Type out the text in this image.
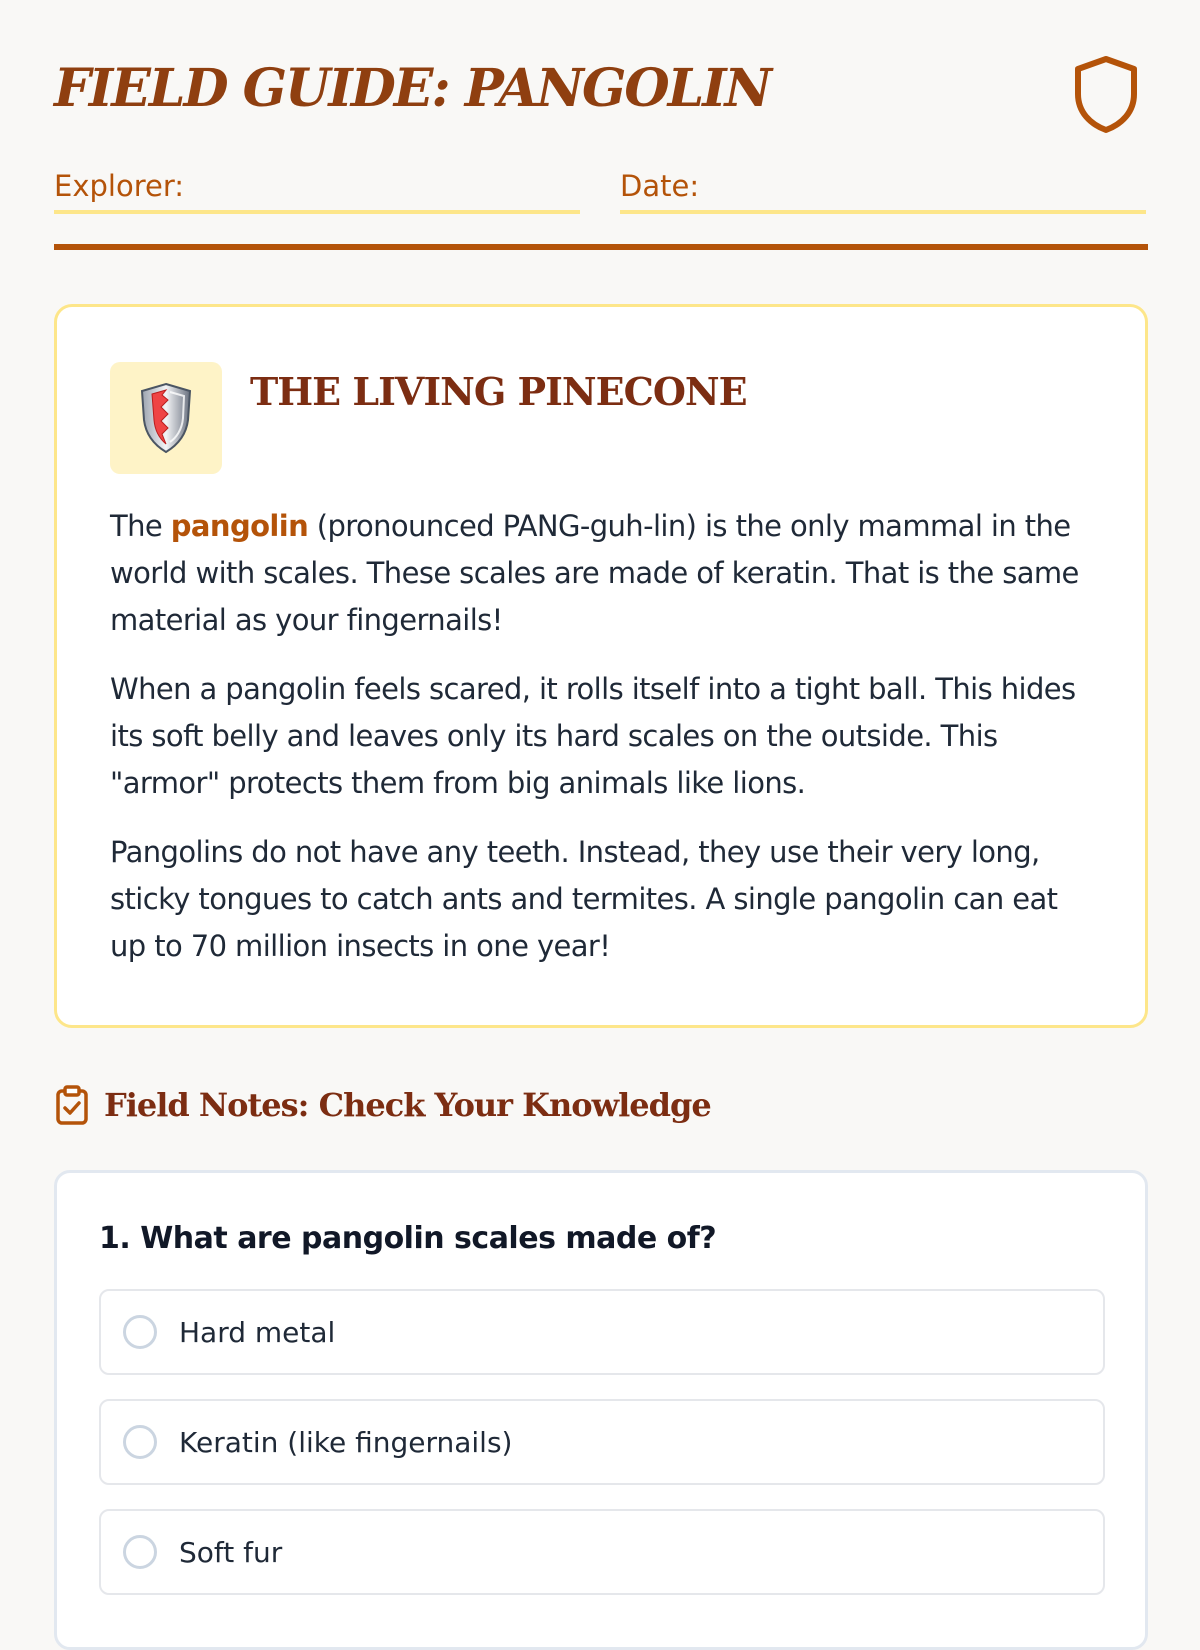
FIELD GUIDE: PANGOLIN
Explorer:	Date:
THE LIVING PINECONE

The pangolin (pronounced PANG-guh-lin) is the only mammal in the world with scales. These scales are made of keratin. That is the same material as your fingernails!

When a pangolin feels scared, it rolls itself into a tight ball. This hides its soft belly and leaves only its hard scales on the outside. This "armor" protects them from big animals like lions.

Pangolins do not have any teeth. Instead, they use their very long, sticky tongues to catch ants and termites. A single pangolin can eat up to 70 million insects in one year!

Field Notes: Check Your Knowledge
1. What are pangolin scales made of?
Hard metal
Keratin (like fingernails)
Soft fur
